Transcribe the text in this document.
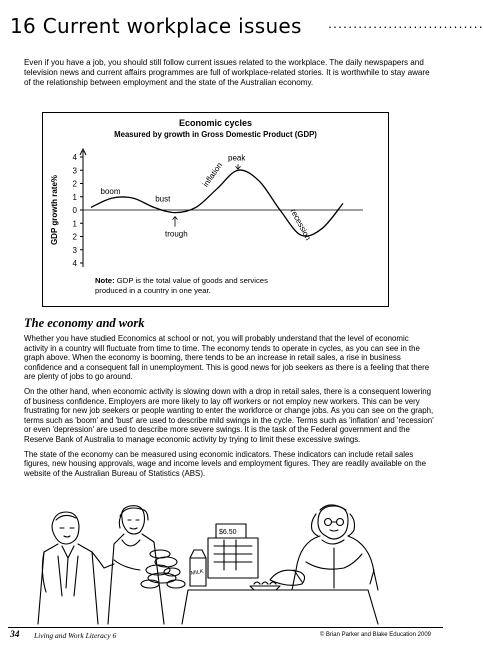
16 Current workplace issues	...............................
Even if you have a job, you should still follow current issues related to the workplace. The daily newspapers and television news and current affairs programmes are full of workplace-related stories. It is worthwhile to stay aware of the relationship between employment and the state of the Australian economy.
Economic cycles
Measured by growth in Gross Domestic Product (GDP)
4
3
2
1
0
1
2
3
4
GDP growth rate%	boom
bust
trough
peak
inflation
recession
Note: GDP is the total value of goods and services produced in a country in one year.
The economy and work

Whether you have studied Economics at school or not, you will probably understand that the level of economic activity in a country will fluctuate from time to time. The economy tends to operate in cycles, as you can see in the graph above. When the economy is booming, there tends to be an increase in retail sales, a rise in business confidence and a consequent fall in unemployment. This is good news for job seekers as there is a feeling that there are plenty of jobs to go around.

On the other hand, when economic activity is slowing down with a drop in retail sales, there is a consequent lowering of business confidence. Employers are more likely to lay off workers or not employ new workers. This can be very frustrating for new job seekers or people wanting to enter the workforce or change jobs. As you can see on the graph, terms such as 'boom' and 'bust' are used to describe mild swings in the cycle. Terms such as 'inflation' and 'recession' or even 'depression' are used to describe more severe swings. It is the task of the Federal government and the Reserve Bank of Australia to manage economic activity by trying to limit these excessive swings.

The state of the economy can be measured using economic indicators. These indicators can include retail sales figures, new housing approvals, wage and income levels and employment figures. They are readily available on the website of the Australian Bureau of Statistics (ABS).

$6.50
MILK
34 Living and Work Literacy 6	© Brian Parker and Blake Education 2009
